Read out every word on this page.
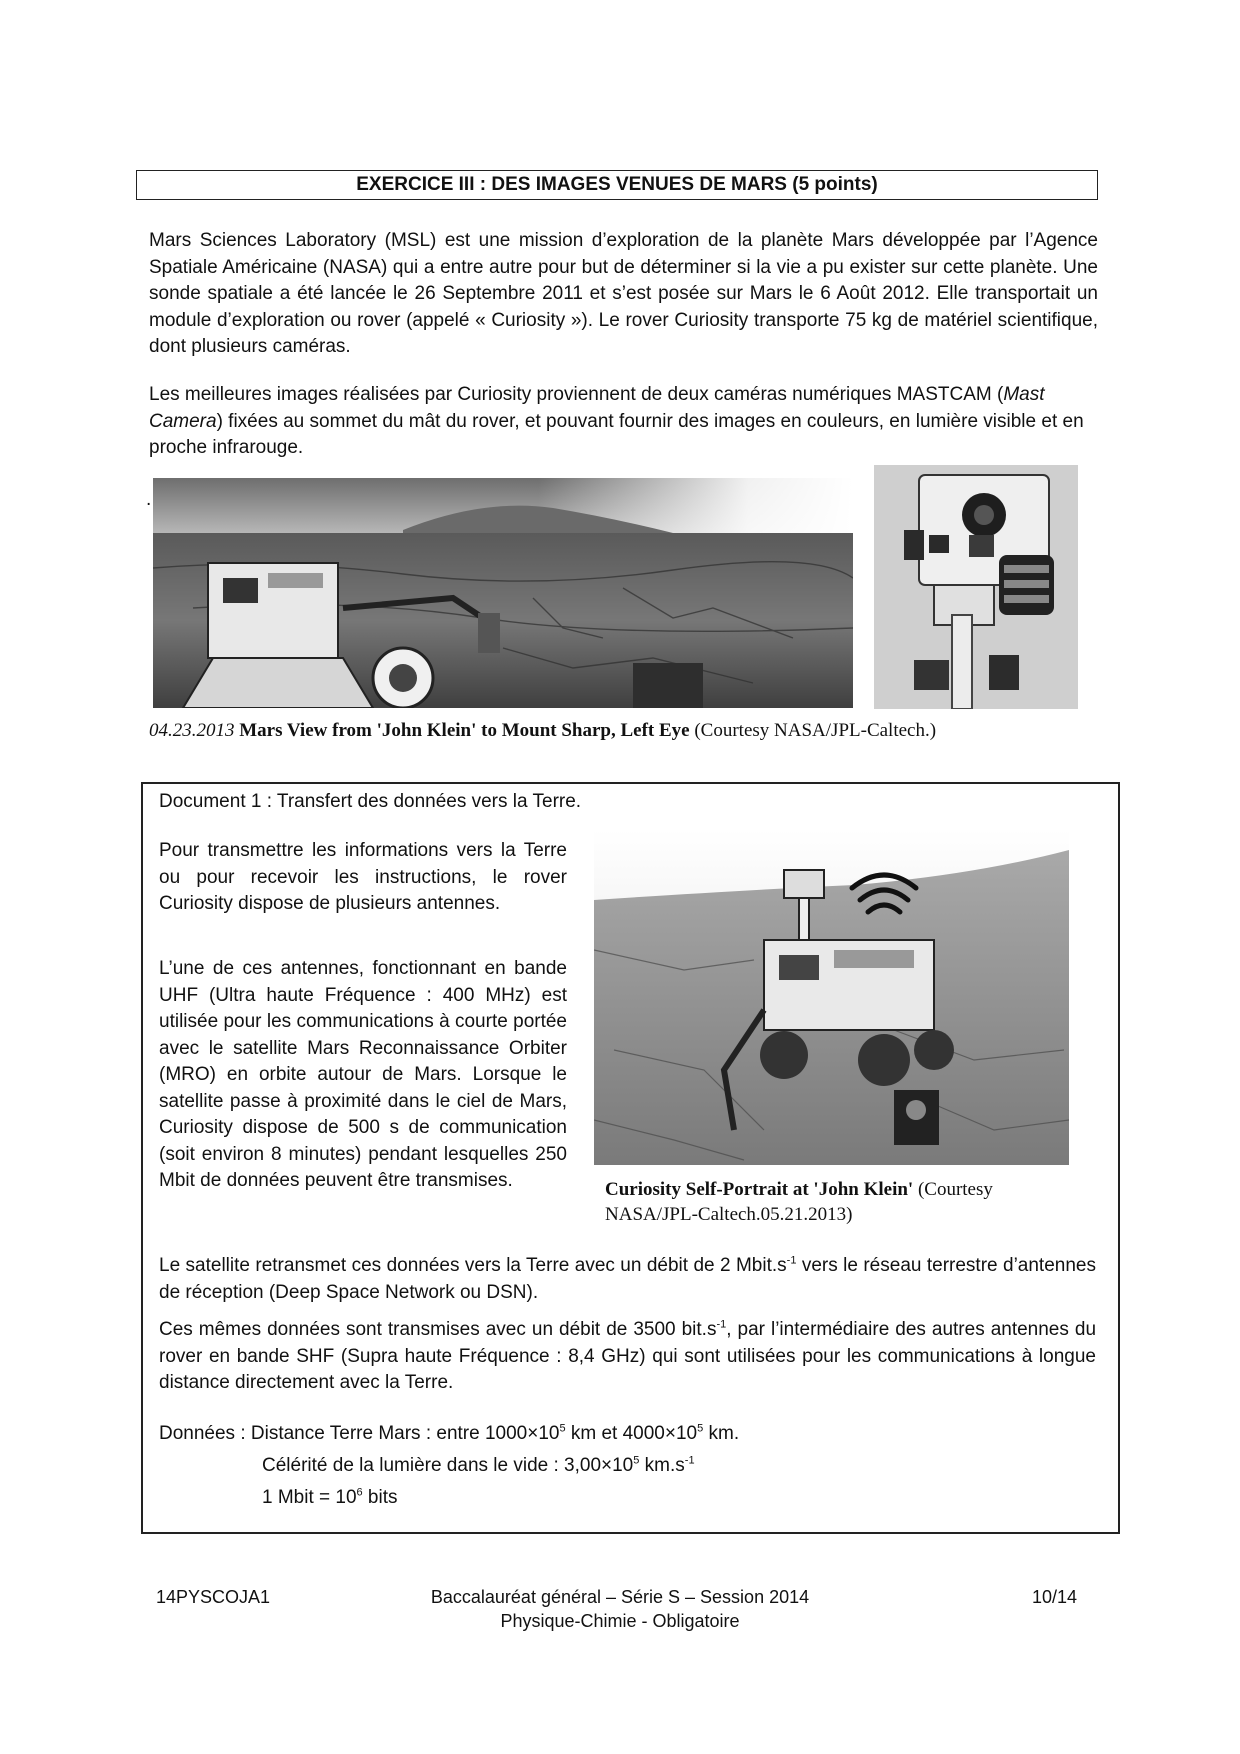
EXERCICE III : DES IMAGES VENUES DE MARS (5 points)
Mars Sciences Laboratory (MSL) est une mission d’exploration de la planète Mars développée par l’Agence Spatiale Américaine (NASA) qui a entre autre pour but de déterminer si la vie a pu exister sur cette planète. Une sonde spatiale a été lancée le 26 Septembre 2011 et s’est posée sur Mars le 6 Août 2012. Elle transportait un module d’exploration ou rover (appelé « Curiosity »). Le rover Curiosity transporte 75 kg de matériel scientifique, dont plusieurs caméras.
Les meilleures images réalisées par Curiosity proviennent de deux caméras numériques MASTCAM (Mast Camera) fixées au sommet du mât du rover, et pouvant fournir des images en couleurs, en lumière visible et en proche infrarouge.
.
04.23.2013 Mars View from 'John Klein' to Mount Sharp, Left Eye (Courtesy NASA/JPL-Caltech.)
Document 1 : Transfert des données vers la Terre.
Pour transmettre les informations vers la Terre ou pour recevoir les instructions, le rover Curiosity dispose de plusieurs antennes.
L’une de ces antennes, fonctionnant en bande UHF (Ultra haute Fréquence : 400 MHz) est utilisée pour les communications à courte portée avec le satellite Mars Reconnaissance Orbiter (MRO) en orbite autour de Mars. Lorsque le satellite passe à proximité dans le ciel de Mars, Curiosity dispose de 500 s de communication (soit environ 8 minutes) pendant lesquelles 250 Mbit de données peuvent être transmises.	Curiosity Self-Portrait at 'John Klein' (Courtesy NASA/JPL-Caltech.05.21.2013)
Le satellite retransmet ces données vers la Terre avec un débit de 2 $Mbit.s^{-1}$ vers le réseau terrestre d’antennes de réception (Deep Space Network ou DSN).
Ces mêmes données sont transmises avec un débit de 3500 $bit.s^{-1}$, par l’intermédiaire des autres antennes du rover en bande SHF (Supra haute Fréquence : 8,4 GHz) qui sont utilisées pour les communications à longue distance directement avec la Terre.
Données : Distance Terre Mars : entre $1000\times 10^5$ km et $4000\times 10^5$ km.
Célérité de la lumière dans le vide : $3,00\times 10^5$ $km.s^{-1}$
1 Mbit = $10^6$ bits
14PYSCOJA1	Baccalauréat général – Série S – Session 2014
Physique-Chimie - Obligatoire
10/14
